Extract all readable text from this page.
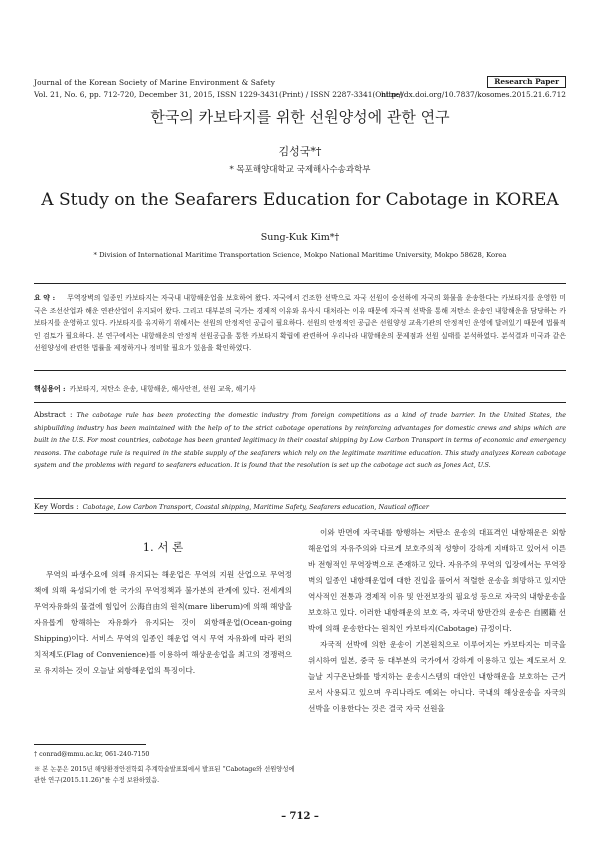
Journal of the Korean Society of Marine Environment & Safety	Research Paper
Vol. 21, No. 6, pp. 712-720, December 31, 2015, ISSN 1229-3431(Print) / ISSN 2287-3341(Online)
http://dx.doi.org/10.7837/kosomes.2015.21.6.712
한국의 카보타지를 위한 선원양성에 관한 연구
김성국*†
* 목포해양대학교 국제해사수송과학부
A Study on the Seafarers Education for Cabotage in KOREA
Sung-Kuk Kim*†
* Division of International Maritime Transportation Science, Mokpo National Maritime University, Mokpo 58628, Korea
요 약 : 무역장벽의 일종인 카보타지는 자국내 내항해운업을 보호하여 왔다. 자국에서 건조한 선박으로 자국 선원이 승선하에 자국의 화물을 운송한다는 카보타지를 운영한 미국은 조선산업과 해운 연관산업이 유지되어 왔다. 그리고 대부분의 국가는 경제적 이유와 유사시 대처라는 이유 때문에 자국적 선박을 통해 저탄소 운송인 내항해운을 담당하는 카보타지를 운영하고 있다. 카보타지를 유지하기 위해서는 선원의 안정적인 공급이 필요하다. 선원의 안정적인 공급은 선원양성 교육기관의 안정적인 운영에 달려있기 때문에 법률적인 검토가 필요하다. 본 연구에서는 내항해운의 안정적 선원공급을 통한 카보타지 확립에 관련하여 우리나라 내항해운의 문제점과 선원 실태를 분석하였다. 분석결과 미국과 같은 선원양성에 관련한 법률을 제정하거나 정비할 필요가 있음을 확인하였다.
핵심용어 : 카보타지, 저탄소 운송, 내항해운, 해사안전, 선원 교육, 해기사
Abstract : The cabotage rule has been protecting the domestic industry from foreign competitions as a kind of trade barrier. In the United States, the shipbuilding industry has been maintained with the help of to the strict cabotage operations by reinforcing advantages for domestic crews and ships which are built in the U.S. For most countries, cabotage has been granted legitimacy in their coastal shipping by Low Carbon Transport in terms of economic and emergency reasons. The cabotage rule is required in the stable supply of the seafarers which rely on the legitimate maritime education. This study analyzes Korean cabotage system and the problems with regard to seafarers education. It is found that the resolution is set up the cabotage act such as Jones Act, U.S.
Key Words : Cabotage, Low Carbon Transport, Coastal shipping, Maritime Safety, Seafarers education, Nautical officer
1. 서 론

무역의 파생수요에 의해 유지되는 해운업은 무역의 지원 산업으로 무역정책에 의해 육성되기에 한 국가의 무역정책과 불가분의 관계에 있다. 전세계의 무역자유화의 물결에 힘입어 公海自由의 원칙(mare liberum)에 의해 해양을 자유롭게 항해하는 자유화가 유지되는 것이 외항해운업(Ocean-going Shipping)이다. 서비스 무역의 일종인 해운업 역시 무역 자유화에 따라 편의치적제도(Flag of Convenience)를 이용하여 해상운송업을 최고의 경쟁력으로 유지하는 것이 오늘날 외항해운업의 특징이다.

이와 반면에 자국내를 항행하는 저탄소 운송의 대표격인 내항해운은 외항해운업의 자유주의와 다르게 보호주의적 성향이 강하게 지배하고 있어서 이른바 전형적인 무역장벽으로 존재하고 있다. 자유주의 무역의 입장에서는 무역장벽의 일종인 내항해운업에 대한 진입을 풀어서 적렬한 운송을 희망하고 있지만 역사적인 전통과 경제적 이유 및 안전보장의 필요성 등으로 자국의 내항운송을 보호하고 있다. 이러한 내항해운의 보호 즉, 자국내 항만간의 운송은 自國籍 선박에 의해 운송한다는 원칙인 카보타지(Cabotage) 규정이다.

자국적 선박에 의한 운송이 기본원칙으로 이루어지는 카보타지는 미국을 위시하여 일본, 중국 등 대부분의 국가에서 강하게 이용하고 있는 제도로서 오늘날 지구온난화를 방지하는 운송시스템의 대안인 내항해운을 보호하는 근거로서 사용되고 있으며 우리나라도 예외는 아니다. 국내의 해상운송을 자국의 선박을 이용한다는 것은 결국 자국 선원을

† conrad@mmu.ac.kr, 061-240-7150
※ 본 논문은 2015년 해양환경안전학회 추계학술발표회에서 발표된 “Cabotage와 선원양성에 관한 연구(2015.11.26)”를 수정 보완하였음.
– 712 –
